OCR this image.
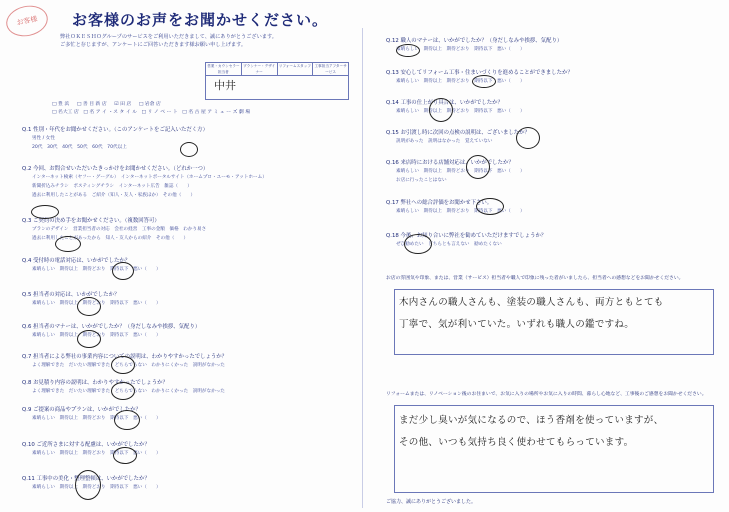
お客様	お客様のお声をお聞かせください。
弊社ＯＫＥＳＨＯグループのサービスをご利用いただきまして、誠にありがとうございます。
ご多忙と存じますが、アンケートにご回答いただきます様お願い申し上げます。
営業・カウンセラー担当者
プランナー・デザイナー
リフォームスタッフ	工事担当アフターサービス
中井
□ 豊 浜 □ 善 目 新 店 ☑ 田 店 □ 岩倉 店
□ 名大工 店 □ 名 ア イ ・ス タ イ ル □ リ ノ ベ ー ト □ 名 古 屋 ア ミ ュ ー ズ 劇 場
Q.1 性別・年代をお聞かせください。（このアンケートをご記入いただく方）
男性 / 女性
20代　30代　40代　50代　60代　70代以上
Q.2 今回、お問合せいただいたきっかけをお聞かせください。（どれか一つ）
インターネット検索（ヤフー・グーグル）　インターネットポータルサイト（ホームプロ・ユーモ・アットホーム）
新聞折込みチラシ　ポスティングチラシ　インターネット広告　雑誌（　　）
過去に利用したことがある　ご紹介（知人・友人・家族ほか）　その他（　　）
Q.3 ご契約の決め手をお聞かせください。（複数回答可）
プランのデザイン　営業担当者の対応　会社の経営　工事の金額　価格　わかり易さ
過去に利用したことがあったから　知人・友人からの紹介　その他（　　）
Q.4 受付時の電話対応は、いかがでしたか？
素晴らしい　期待以上　期待どおり　期待以下　悪い（　　）
Q.5 担当者の対応は、いかがでしたか？
素晴らしい　期待以上　期待どおり　期待以下　悪い（　　）
Q.6 担当者のマナーは、いかがでしたか？（身だしなみや挨拶、気配り）
素晴らしい　期待以上　期待どおり　期待以下　悪い（　　）
Q.7 担当者による弊社の事業内容についての説明は、わかりやすかったでしょうか？
よく理解できた　だいたい理解できた　どちらでもない　わかりにくかった　説明がなかった
Q.8 お見積り内容の説明は、わかりやすかったでしょうか？
よく理解できた　だいたい理解できた　どちらでもない　わかりにくかった　説明がなかった
Q.9 ご提案の商品やプランは、いかがでしたか？
素晴らしい　期待以上　期待どおり　期待以下　悪い（　　）
Q.10 ご近所さまに対する配慮は、いかがでしたか？
素晴らしい　期待以上　期待どおり　期待以下　悪い（　　）
Q.11 工事中の美化・整理整頓は、いかがでしたか？
素晴らしい　期待以上　期待どおり　期待以下　悪い（　　）
Q.12 職人のマナーは、いかがでしたか？（身だしなみや挨拶、気配り）
素晴らしい　期待以上　期待どおり　期待以下　悪い（　　）
Q.13 安心してリフォーム工事・住まいづくりを進めることができましたか？
素晴らしい　期待以上　期待どおり　期待以下　悪い（　　）
Q.14 工事の仕上がり具合は、いかがでしたか？
素晴らしい　期待以上　期待どおり　期待以下　悪い（　　）
Q.15 お引渡し時に次回の点検の説明は、ございましたか？
説明があった　説明はなかった　覚えていない
Q.16 来店時における店舗対応は、いかがでしたか？
素晴らしい　期待以上　期待どおり　期待以下　悪い（　　）
お店に行ったことはない
Q.17 弊社への総合評価をお聞かせ下さい。
素晴らしい　期待以上　期待どおり　期待以下　悪い（　　）
Q.18 今後、お知り合いに弊社を勧めていただけますでしょうか？
ぜひ勧めたい　どちらとも言えない　勧めたくない
お店の雰囲気や印象、または、営業（サービス）担当者や職人で印象に残った者がいましたら、担当者への感想などをお聞かせください。
木内さんの職人さんも、塗装の職人さんも、両方ともとても
丁寧で、気が利いていた。いずれも職人の鑑ですね。
リフォームまたは、リノベーション後のお住まいで、お気に入りの場所やお気に入りの時間、暮らし心地など、工事後のご感想をお聞かせください。
まだ少し臭いが気になるので、ほう香剤を使っていますが、
その他、いつも気持ち良く使わせてもらっています。
ご協力、誠にありがとうございました。
